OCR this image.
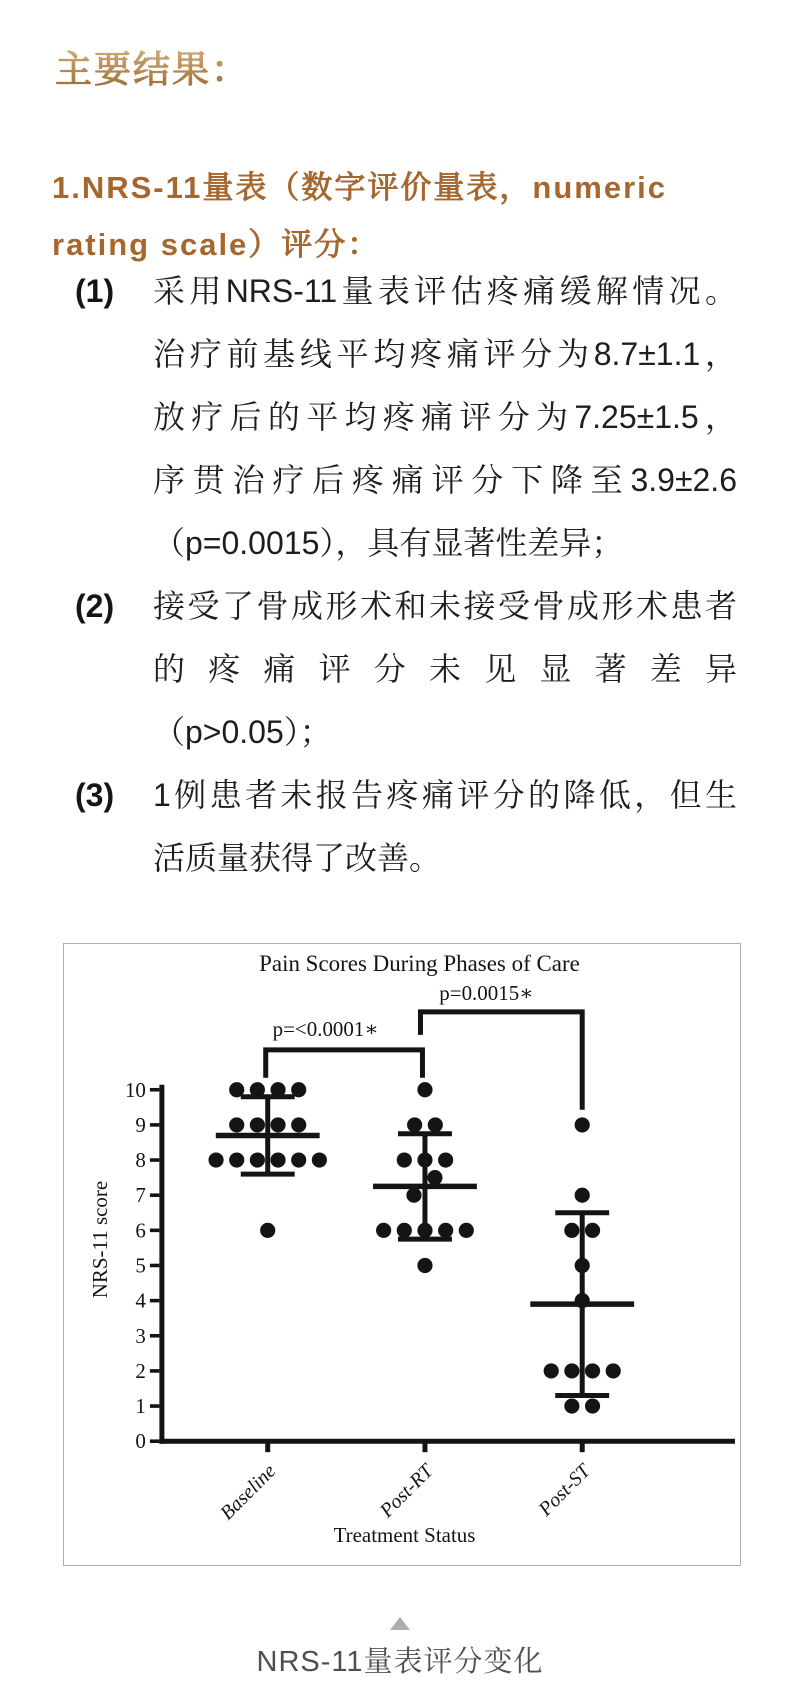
主要结果：
1.NRS-11量表（数字评价量表，numeric
rating scale）评分：
(1)	采用NRS-11量表评估疼痛缓解情况。
治疗前基线平均疼痛评分为8.7±1.1，
放疗后的平均疼痛评分为7.25±1.5，
序贯治疗后疼痛评分下降至3.9±2.6
（p=0.0015），具有显著性差异；
(2)	接受了骨成形术和未接受骨成形术患者
的疼痛评分未见显著差异
（p>0.05）；
(3)	1例患者未报告疼痛评分的降低，但生
活质量获得了改善。
0
1
2
3
4
5
6
7
8
9
10
Baseline	Post-RT	Post-ST
Pain Scores During Phases of Care
Treatment Status
NRS-11 score
p=<0.0001∗
p=0.0015∗
NRS-11量表评分变化
